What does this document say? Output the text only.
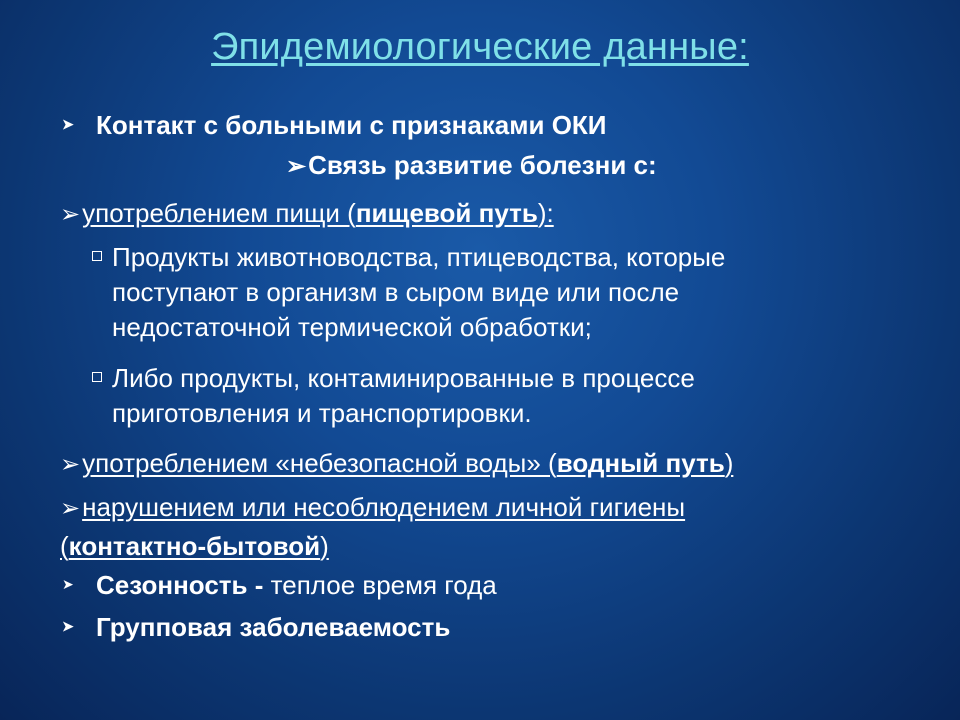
Эпидемиологические данные:
➤ Контакт с больными с признаками ОКИ
➢Связь развитие болезни с:
➢употреблением пищи (пищевой путь):
Продукты животноводства, птицеводства, которые
поступают в организм в сыром виде или после
недостаточной термической обработки;
Либо продукты, контаминированные в процессе
приготовления и транспортировки.
➢употреблением «небезопасной воды» (водный путь)
➢нарушением или несоблюдением личной гигиены
(контактно-бытовой)
➤ Сезонность - теплое время года
➤ Групповая заболеваемость
